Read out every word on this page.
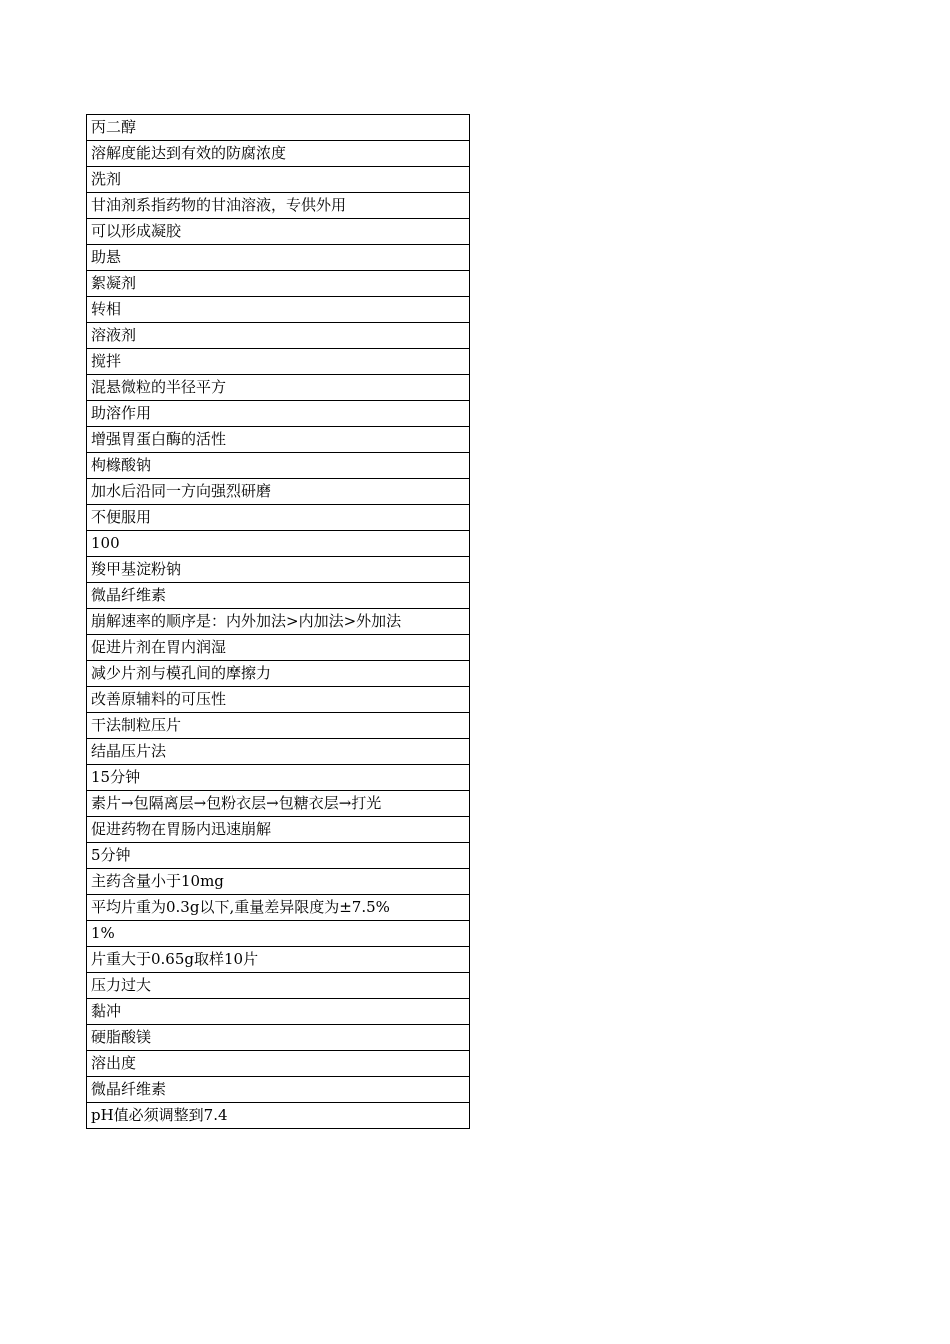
丙二醇
溶解度能达到有效的防腐浓度
洗剂
甘油剂系指药物的甘油溶液，专供外用
可以形成凝胶
助悬
絮凝剂
转相
溶液剂
搅拌
混悬微粒的半径平方
助溶作用
增强胃蛋白酶的活性
枸橼酸钠
加水后沿同一方向强烈研磨
不便服用
100
羧甲基淀粉钠
微晶纤维素
崩解速率的顺序是：内外加法>内加法>外加法
促进片剂在胃内润湿
减少片剂与模孔间的摩擦力
改善原辅料的可压性
干法制粒压片
结晶压片法
15分钟
素片→包隔离层→包粉衣层→包糖衣层→打光
促进药物在胃肠内迅速崩解
5分钟
主药含量小于10mg
平均片重为0.3g以下,重量差异限度为±7.5%
1%
片重大于0.65g取样10片
压力过大
黏冲
硬脂酸镁
溶出度
微晶纤维素
pH值必须调整到7.4
